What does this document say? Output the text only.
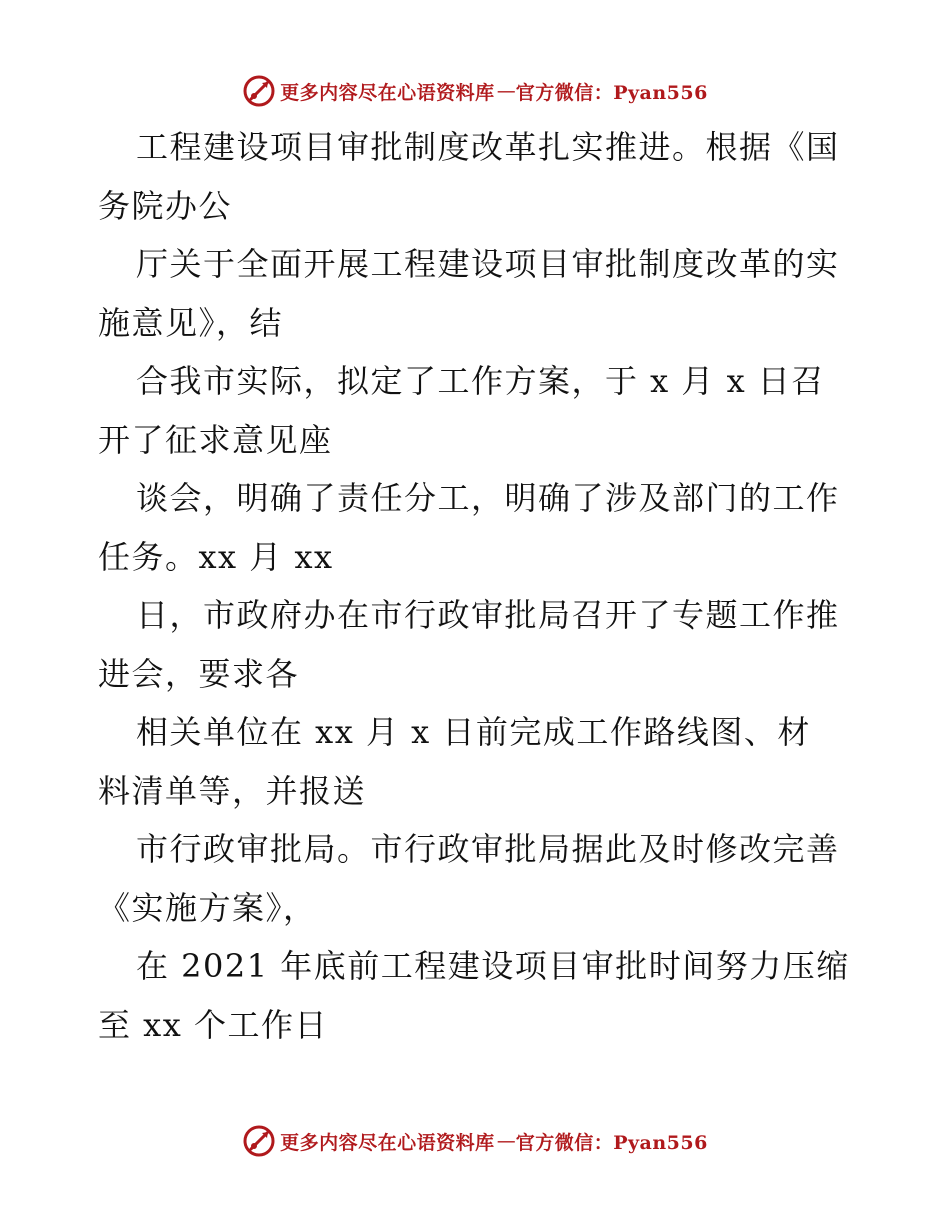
更多内容尽在心语资料库 — 官方微信：Pyan556
工程建设项目审批制度改革扎实推进。根据《国
务院办公
厅关于全面开展工程建设项目审批制度改革的实
施意见》，结
合我市实际，拟定了工作方案，于 x 月 x 日召
开了征求意见座
谈会，明确了责任分工，明确了涉及部门的工作
任务。xx 月 xx
日，市政府办在市行政审批局召开了专题工作推
进会，要求各
相关单位在 xx 月 x 日前完成工作路线图、材
料清单等，并报送
市行政审批局。市行政审批局据此及时修改完善
《实施方案》，
在 2021 年底前工程建设项目审批时间努力压缩
至 xx 个工作日
更多内容尽在心语资料库 — 官方微信：Pyan556
